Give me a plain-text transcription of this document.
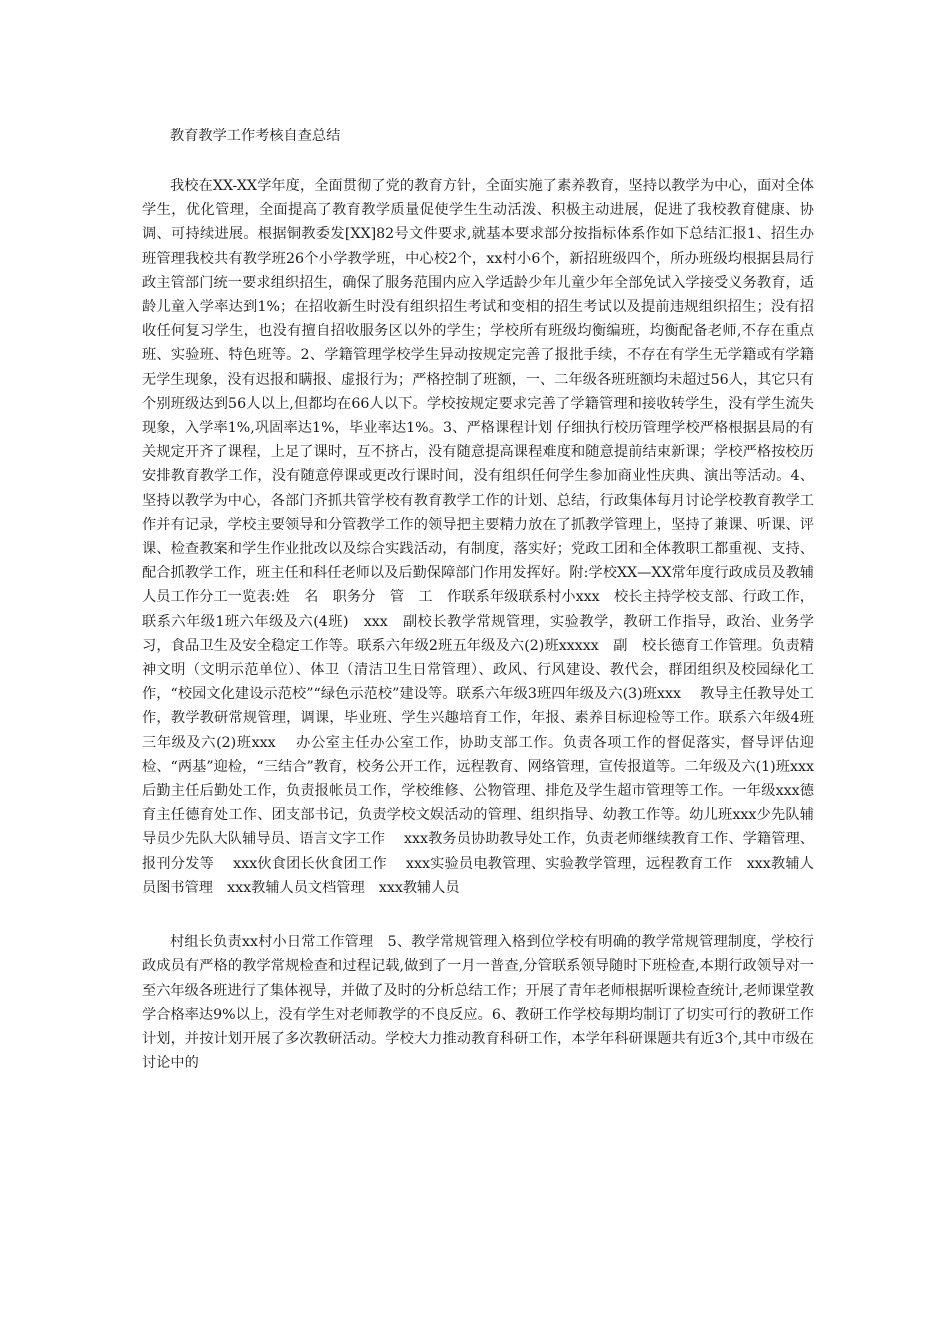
教育教学工作考核自查总结

我校在XX-XX学年度，全面贯彻了党的教育方针，全面实施了素养教育，坚持以教学为中心，面对全体学生，优化管理，全面提高了教育教学质量促使学生生动活泼、积极主动进展，促进了我校教育健康、协调、可持续进展。根据铜教委发[XX]82号文件要求,就基本要求部分按指标体系作如下总结汇报1、招生办班管理我校共有教学班26个小学教学班，中心校2个，xx村小6个，新招班级四个，所办班级均根据县局行政主管部门统一要求组织招生，确保了服务范围内应入学适龄少年儿童少年全部免试入学接受义务教育，适龄儿童入学率达到1%；在招收新生时没有组织招生考试和变相的招生考试以及提前违规组织招生；没有招收任何复习学生，也没有擅自招收服务区以外的学生；学校所有班级均衡编班，均衡配备老师,不存在重点班、实验班、特色班等。2、学籍管理学校学生异动按规定完善了报批手续，不存在有学生无学籍或有学籍无学生现象，没有迟报和瞒报、虚报行为；严格控制了班额，一、二年级各班班额均未超过56人，其它只有个别班级达到56人以上,但都均在66人以下。学校按规定要求完善了学籍管理和接收转学生，没有学生流失现象，入学率1%,巩固率达1%，毕业率达1%。3、严格课程计划 仔细执行校历管理学校严格根据县局的有关规定开齐了课程，上足了课时，互不挤占，没有随意提高课程难度和随意提前结束新课；学校严格按校历安排教育教学工作，没有随意停课或更改行课时间，没有组织任何学生参加商业性庆典、演出等活动。4、坚持以教学为中心，各部门齐抓共管学校有教育教学工作的计划、总结，行政集体每月讨论学校教育教学工作并有记录，学校主要领导和分管教学工作的领导把主要精力放在了抓教学管理上，坚持了兼课、听课、评课、检查教案和学生作业批改以及综合实践活动，有制度，落实好；党政工团和全体教职工都重视、支持、配合抓教学工作，班主任和科任老师以及后勤保障部门作用发挥好。附:学校XX—XX常年度行政成员及教辅人员工作分工一览表:姓　名　职务分　管　工　作联系年级联系村小xxx　校长主持学校支部、行政工作，联系六年级1班六年级及六(4班)　xxx　副校长教学常规管理，实验教学，教研工作指导，政治、业务学习，食品卫生及安全稳定工作等。联系六年级2班五年级及六(2)班xxxxx　副　校长德育工作管理。负责精神文明（文明示范单位）、体卫（清洁卫生日常管理）、政风、行风建设、教代会，群团组织及校园绿化工作，“校园文化建设示范校”“绿色示范校”建设等。联系六年级3班四年级及六(3)班xxx　 教导主任教导处工作，教学教研常规管理，调课，毕业班、学生兴趣培育工作，年报、素养目标迎检等工作。联系六年级4班三年级及六(2)班xxx　 办公室主任办公室工作，协助支部工作。负责各项工作的督促落实，督导评估迎检、“两基”迎检，“三结合”教育，校务公开工作，远程教育、网络管理，宣传报道等。二年级及六(1)班xxx 后勤主任后勤处工作，负责报帐员工作，学校维修、公物管理、排危及学生超市管理等工作。一年级xxx德育主任德育处工作、团支部书记，负责学校文娱活动的管理、组织指导、幼教工作等。幼儿班xxx少先队辅导员少先队大队辅导员、语言文字工作　 xxx教务员协助教导处工作，负责老师继续教育工作、学籍管理、报刊分发等　 xxx伙食团长伙食团工作　 xxx实验员电教管理、实验教学管理，远程教育工作　xxx教辅人员图书管理　xxx教辅人员文档管理　xxx教辅人员

村组长负责xx村小日常工作管理　5、教学常规管理入格到位学校有明确的教学常规管理制度，学校行政成员有严格的教学常规检查和过程记载,做到了一月一普查,分管联系领导随时下班检查,本期行政领导对一至六年级各班进行了集体视导，并做了及时的分析总结工作；开展了青年老师根据听课检查统计,老师课堂教学合格率达9%以上，没有学生对老师教学的不良反应。6、教研工作学校每期均制订了切实可行的教研工作计划，并按计划开展了多次教研活动。学校大力推动教育科研工作，本学年科研课题共有近3个,其中市级在讨论中的
